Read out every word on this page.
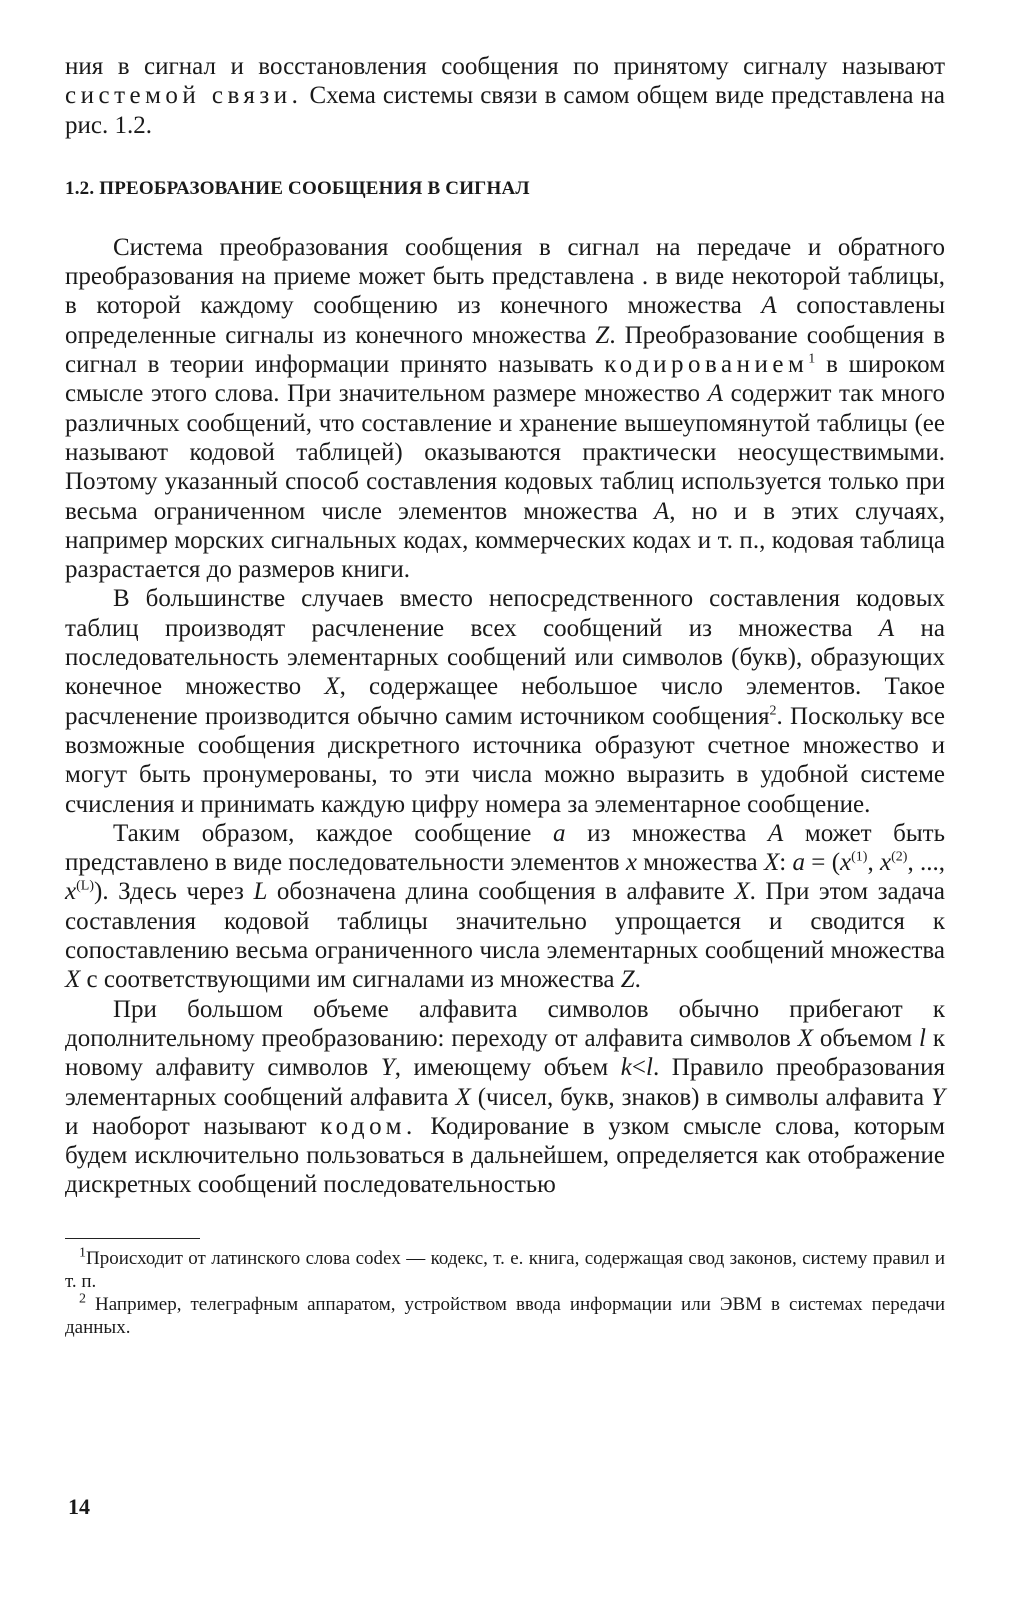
ния в сигнал и восстановления сообщения по принятому сигналу называют системой связи. Схема системы связи в самом общем виде представлена на рис. 1.2.

1.2. ПРЕОБРАЗОВАНИЕ СООБЩЕНИЯ В СИГНАЛ

Система преобразования сообщения в сигнал на передаче и обратного преобразования на приеме может быть представлена . в виде некоторой таблицы, в которой каждому сообщению из конечного множества A сопоставлены определенные сигналы из конечного множества Z. Преобразование сообщения в сигнал в теории информации принято называть кодированием$^1$ в широком смысле этого слова. При значительном размере множество A содержит так много различных сообщений, что составление и хранение вышеупомянутой таблицы (ее называют кодовой таблицей) оказываются практически неосуществимыми. Поэтому указанный способ составления кодовых таблиц используется только при весьма ограниченном числе элементов множества A, но и в этих случаях, например морских сигнальных кодах, коммерческих кодах и т. п., кодовая таблица разрастается до размеров книги.

В большинстве случаев вместо непосредственного составления кодовых таблиц производят расчленение всех сообщений из множества A на последовательность элементарных сообщений или символов (букв), образующих конечное множество X, содержащее небольшое число элементов. Такое расчленение производится обычно самим источником сообщения$^2$. Поскольку все возможные сообщения дискретного источника образуют счетное множество и могут быть пронумерованы, то эти числа можно выразить в удобной системе счисления и принимать каждую цифру номера за элементарное сообщение.

Таким образом, каждое сообщение a из множества A может быть представлено в виде последовательности элементов x множества X: $a = (x^{(1)}$, $x^{(2)}$, ..., $x^{(L)}$). Здесь через L обозначена длина сообщения в алфавите X. При этом задача составления кодовой таблицы значительно упрощается и сводится к сопоставлению весьма ограниченного числа элементарных сообщений множества X с соответствующими им сигналами из множества Z.

При большом объеме алфавита символов обычно прибегают к дополнительному преобразованию: переходу от алфавита символов X объемом l к новому алфавиту символов Y, имеющему объем k<l. Правило преобразования элементарных сообщений алфавита X (чисел, букв, знаков) в символы алфавита Y и наоборот называют кодом. Кодирование в узком смысле слова, которым будем исключительно пользоваться в дальнейшем, определяется как отображение дискретных сообщений последовательностью

$^1$Происходит от латинского слова codex — кодекс, т. е. книга, содержащая свод законов, систему правил и т. п.

$^2$ Например, телеграфным аппаратом, устройством ввода информации или ЭВМ в системах передачи данных.

14
